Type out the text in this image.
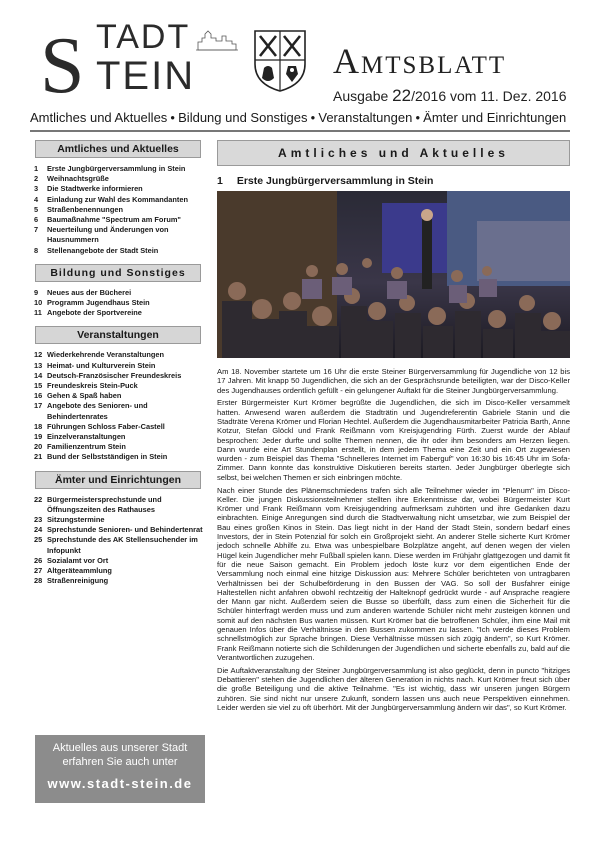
S TADT
TEIN	Amtsblatt
Ausgabe 22/2016 vom 11. Dez. 2016
Amtliches und Aktuelles ● Bildung und Sonstiges ● Veranstaltungen ● Ämter und Einrichtungen
Amtliches und Aktuelles
1	Erste Jungbürgerversammlung in Stein
2	Weihnachtsgrüße
3	Die Stadtwerke informieren
4	Einladung zur Wahl des Kommandanten
5	Straßenbenennungen
6	Baumaßnahme "Spectrum am Forum"
7	Neuerteilung und Änderungen von Hausnummern
8	Stellenangebote der Stadt Stein
Bildung und Sonstiges
9	Neues aus der Bücherei
10 Programm Jugendhaus Stein
11 Angebote der Sportvereine
Veranstaltungen
12 Wiederkehrende Veranstaltungen
13 Heimat- und Kulturverein Stein
14 Deutsch-Französischer Freundeskreis
15 Freundeskreis Stein-Puck
16 Gehen & Spaß haben
17 Angebote des Senioren- und Behindertenrates
18 Führungen Schloss Faber-Castell
19 Einzelveranstaltungen
20 Familienzentrum Stein
21 Bund der Selbstständigen in Stein
Ämter und Einrichtungen
22 Bürgermeistersprechstunde und Öffnungszeiten des Rathauses
23 Sitzungstermine
24 Sprechstunde Senioren- und Behindertenrat
25 Sprechstunde des AK Stellensuchender im Infopunkt
26 Sozialamt vor Ort
27 Altgeräteammlung
28 Straßenreinigung
Aktuelles aus unserer Stadt
erfahren Sie auch unter
www.stadt-stein.de
Amtliches und Aktuelles
1 Erste Jungbürgerversammlung in Stein

Am 18. November startete um 16 Uhr die erste Steiner Bürgerversammlung für Jugendliche von 12 bis 17 Jahren. Mit knapp 50 Jugendlichen, die sich an der Gesprächsrunde beteiligten, war der Disco-Keller des Jugendhauses ordentlich gefüllt - ein gelungener Auftakt für die Steiner Jungbürgerversammlung.

Erster Bürgermeister Kurt Krömer begrüßte die Jugendlichen, die sich im Disco-Keller versammelt hatten. Anwesend waren außerdem die Stadträtin und Jugendreferentin Gabriele Stanin und die Stadträte Verena Krömer und Florian Hechtel. Außerdem die Jugendhausmitarbeiter Patricia Barth, Anne Kotzur, Stefan Glöckl und Frank Reißmann vom Kreisjugendring Fürth. Zuerst wurde der Ablauf besprochen: Jeder durfte und sollte Themen nennen, die ihr oder ihm besonders am Herzen liegen. Dann wurde eine Art Stundenplan erstellt, in dem jedem Thema eine Zeit und ein Ort zugewiesen wurden - zum Beispiel das Thema "Schnelleres Internet im Faberguf" von 16:30 bis 16:45 Uhr im Sofa-Zimmer. Dann konnte das konstruktive Diskutieren bereits starten. Jeder Jungbürger überlegte sich selbst, bei welchen Themen er sich einbringen möchte.

Nach einer Stunde des Plänemschmiedens trafen sich alle Teilnehmer wieder im "Plenum" im Disco-Keller. Die jungen Diskussionsteilnehmer stellten ihre Erkenntnisse dar, wobei Bürgermeister Kurt Krömer und Frank Reißmann vom Kreisjugendring aufmerksam zuhörten und ihre Gedanken dazu einbrachten. Einige Anregungen sind durch die Stadtverwaltung nicht umsetzbar, wie zum Beispiel der Bau eines großen Kinos in Stein. Das liegt nicht in der Hand der Stadt Stein, sondern bedarf eines Investors, der in Stein Potenzial für solch ein Großprojekt sieht. An anderer Stelle sicherte Kurt Krömer jedoch schnelle Abhilfe zu. Etwa was unbespielbare Bolzplätze angeht, auf denen wegen der vielen Hügel kein Jugendlicher mehr Fußball spielen kann. Diese werden im Frühjahr glattgezogen und damit fit für die neue Saison gemacht. Ein Problem jedoch löste kurz vor dem eigentlichen Ende der Versammlung noch einmal eine hitzige Diskussion aus: Mehrere Schüler berichteten von untragbaren Verhältnissen bei der Schulbeförderung in den Bussen der VAG. So soll der Busfahrer einige Haltestellen nicht anfahren obwohl rechtzeitig der Halteknopf gedrückt wurde - auf Ansprache reagiere der Mann gar nicht. Außerdem seien die Busse so überfüllt, dass zum einen die Sicherheit für die Schüler hinterfragt werden muss und zum anderen wartende Schüler nicht mehr zusteigen können und somit auf den nächsten Bus warten müssen. Kurt Krömer bat die betroffenen Schüler, ihm eine Mail mit genauen Infos über die Verhältnisse in den Bussen zukommen zu lassen. "Ich werde dieses Problem schnellstmöglich zur Sprache bringen. Diese Verhältnisse müssen sich zügig ändern", so Kurt Krömer. Frank Reißmann notierte sich die Schilderungen der Jugendlichen und sicherte ebenfalls zu, bald auf die Verantwortlichen zuzugehen.

Die Auftaktveranstaltung der Steiner Jungbürgerversammlung ist also geglückt, denn in puncto "hitziges Debattieren" stehen die Jugendlichen der älteren Generation in nichts nach. Kurt Krömer freut sich über die große Beteiligung und die aktive Teilnahme. "Es ist wichtig, dass wir unseren jungen Bürgern zuhören. Sie sind nicht nur unsere Zukunft, sondern lassen uns auch neue Perspektiven einnehmen. Leider werden sie viel zu oft überhört. Mit der Jungbürgerversammlung ändern wir das", so Kurt Krömer.
